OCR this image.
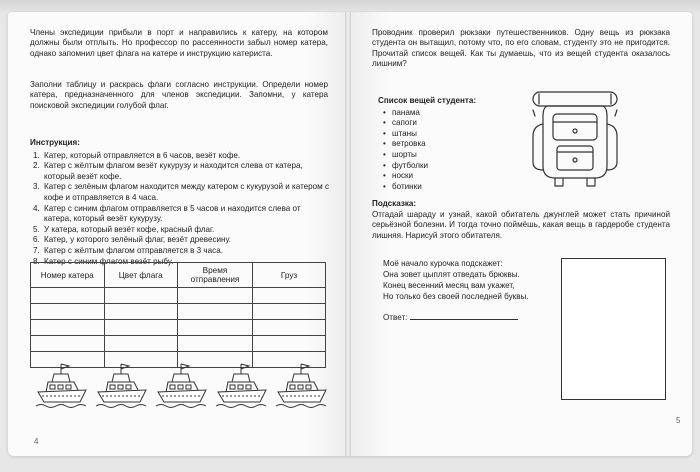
Члены экспедиции прибыли в порт и направились к катеру, на котором должны были отплыть. Но профессор по рассеянности забыл номер катера, однако запомнил цвет флага на катере и инструкцию катериста.

Заполни таблицу и раскрась флаги согласно инструкции. Определи номер катера, предназначенного для членов экспедиции. Запомни, у катера поисковой экспедиции голубой флаг.

Инструкция:
1. Катер, который отправляется в 6 часов, везёт кофе.
2. Катер с жёлтым флагом везёт кукурузу и находится слева от катера, который везёт кофе.
3. Катер с зелёным флагом находится между катером с кукурузой и катером с кофе и отправляется в 4 часа.
4. Катер с синим флагом отправляется в 5 часов и находится слева от катера, который везёт кукурузу.
5. У катера, который везёт кофе, красный флаг.
6. Катер, у которого зелёный флаг, везёт древесину.
7. Катер с жёлтым флагом отправляется в 3 часа.
8. Катер с синим флагом везёт рыбу.
Номер катера	Цвет флага	Время отправления	Груз

4

Проводник проверил рюкзаки путешественников. Одну вещь из рюкзака студента он вытащил, потому что, по его словам, студенту это не пригодится. Прочитай список вещей. Как ты думаешь, что из вещей студента оказалось лишним?

Список вещей студента:
• панама
• сапоги
• штаны
• ветровка
• шорты
• футболки
• носки
• ботинки

Подсказка:

Отгадай шараду и узнай, какой обитатель джунглей может стать причиной серьёзной болезни. И тогда точно поймёшь, какая вещь в гардеробе студента лишняя. Нарисуй этого обитателя.

Моё начало курочка подскажет:
Она зовет цыплят отведать брюквы.
Конец весенний месяц вам укажет,
Но только без своей последней буквы.
Ответ:
5
